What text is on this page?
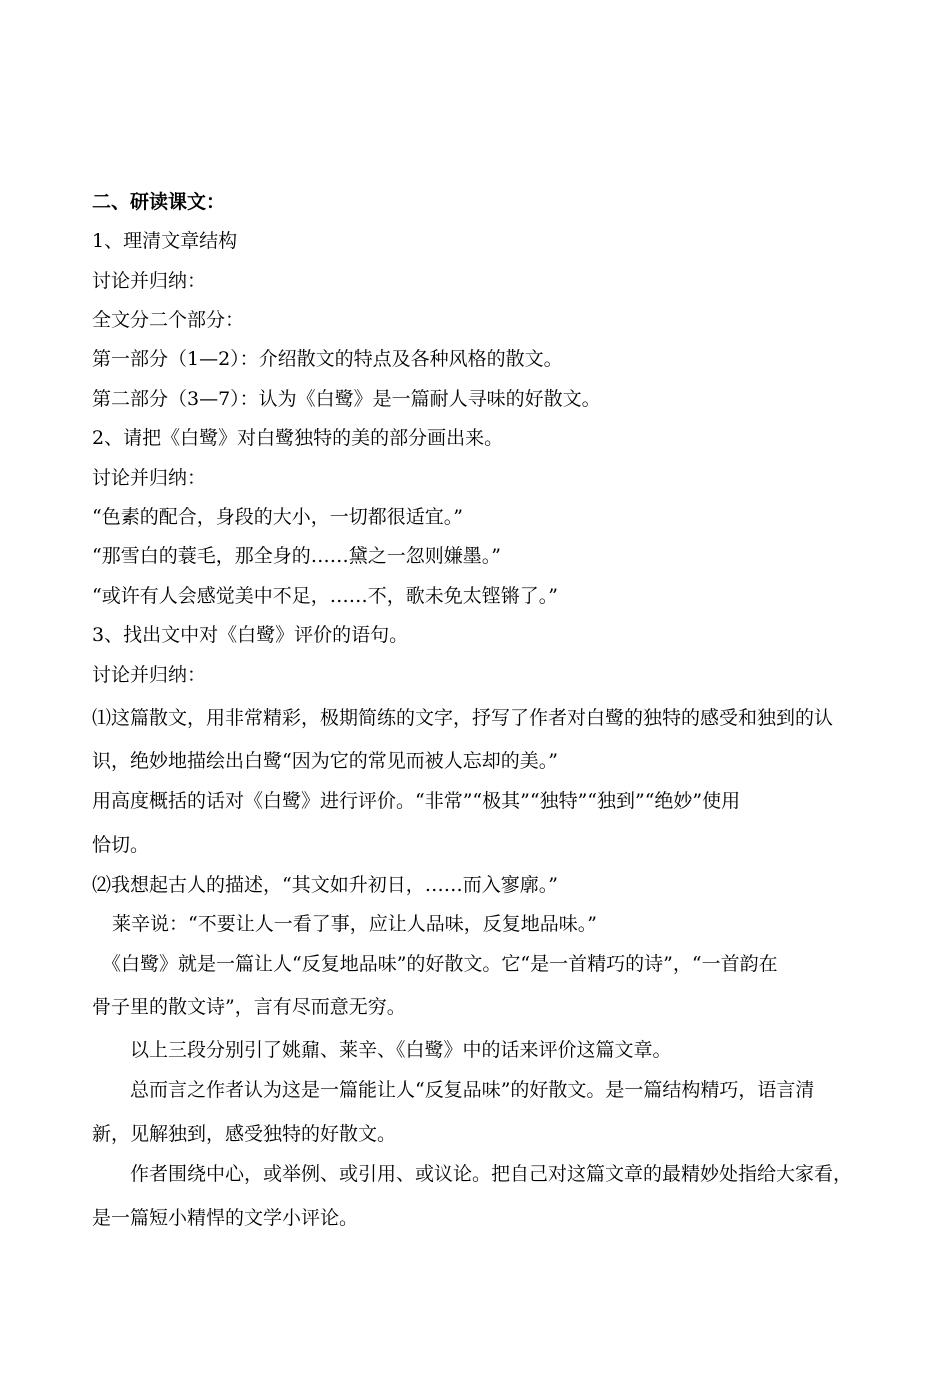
二、研读课文：
1、理清文章结构
讨论并归纳：
全文分二个部分：
第一部分（1—2）：介绍散文的特点及各种风格的散文。
第二部分（3—7）：认为《白鹭》是一篇耐人寻味的好散文。
2、请把《白鹭》对白鹭独特的美的部分画出来。
讨论并归纳：
“色素的配合，身段的大小，一切都很适宜。”
“那雪白的蓑毛，那全身的……黛之一忽则嫌墨。”
“或许有人会感觉美中不足，……不，歌未免太铿锵了。”
3、找出文中对《白鹭》评价的语句。
讨论并归纳：
⑴这篇散文，用非常精彩，极期简练的文字，抒写了作者对白鹭的独特的感受和独到的认
识，绝妙地描绘出白鹭“因为它的常见而被人忘却的美。”
用高度概括的话对《白鹭》进行评价。“非常”“极其”“独特”“独到”“绝妙”使用
恰切。
⑵我想起古人的描述，“其文如升初日，……而入寥廓。”
莱辛说：“不要让人一看了事，应让人品味，反复地品味。”
《白鹭》就是一篇让人“反复地品味”的好散文。它“是一首精巧的诗”，“一首韵在
骨子里的散文诗”，言有尽而意无穷。
以上三段分别引了姚鼐、莱辛、《白鹭》中的话来评价这篇文章。
总而言之作者认为这是一篇能让人“反复品味”的好散文。是一篇结构精巧，语言清
新，见解独到，感受独特的好散文。
作者围绕中心，或举例、或引用、或议论。把自己对这篇文章的最精妙处指给大家看，
是一篇短小精悍的文学小评论。
